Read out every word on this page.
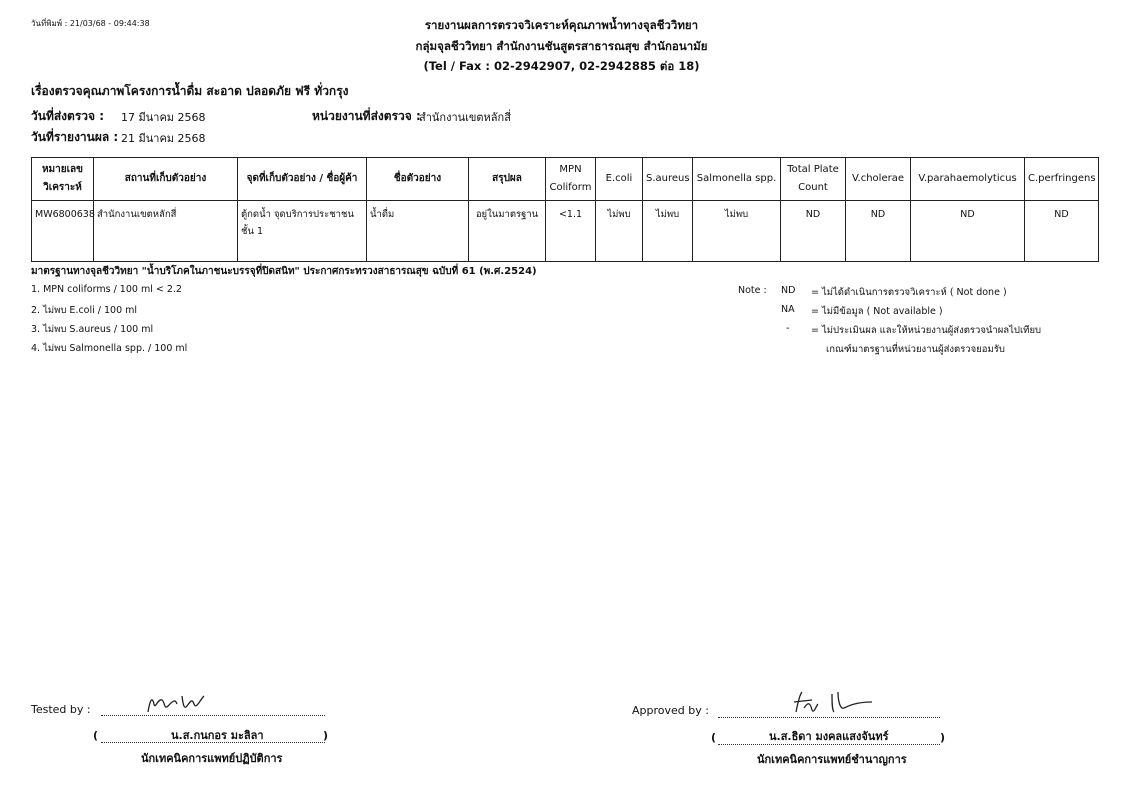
วันที่พิมพ์ : 21/03/68 - 09:44:38	รายงานผลการตรวจวิเคราะห์คุณภาพน้ำทางจุลชีววิทยา
กลุ่มจุลชีววิทยา สำนักงานชันสูตรสาธารณสุข สำนักอนามัย
(Tel / Fax : 02-2942907, 02-2942885 ต่อ 18)
เรื่องตรวจคุณภาพโครงการน้ำดื่ม สะอาด ปลอดภัย ฟรี ทั่วกรุง
วันที่ส่งตรวจ : 17 มีนาคม 2568
วันที่รายงานผล : 21 มีนาคม 2568
หน่วยงานที่ส่งตรวจ :
สำนักงานเขตหลักสี่
หมายเลข
วิเคราะห์	สถานที่เก็บตัวอย่าง	จุดที่เก็บตัวอย่าง / ชื่อผู้ค้า	ชื่อตัวอย่าง	สรุปผล	MPN
Coliform	E.coli	S.aureus	Salmonella spp.	Total Plate
Count	V.cholerae	V.parahaemolyticus	C.perfringens
MW6800638	สำนักงานเขตหลักสี่	ตู้กดน้ำ จุดบริการประชาชน ชั้น 1	น้ำดื่ม	อยู่ในมาตรฐาน	<1.1	ไม่พบ	ไม่พบ	ไม่พบ	ND	ND	ND	ND
มาตรฐานทางจุลชีววิทยา "น้ำบริโภคในภาชนะบรรจุที่ปิดสนิท" ประกาศกระทรวงสาธารณสุข ฉบับที่ 61 (พ.ศ.2524)
1. MPN coliforms / 100 ml < 2.2
2. ไม่พบ E.coli / 100 ml
3. ไม่พบ S.aureus / 100 ml
4. ไม่พบ Salmonella spp. / 100 ml
Note : ND = ไม่ได้ดำเนินการตรวจวิเคราะห์ ( Not done )
NA = ไม่มีข้อมูล ( Not available )
- = ไม่ประเมินผล และให้หน่วยงานผู้ส่งตรวจนำผลไปเทียบ
เกณฑ์มาตรฐานที่หน่วยงานผู้ส่งตรวจยอมรับ
Tested by :
(	น.ส.กนกอร มะลิลา	)
นักเทคนิคการแพทย์ปฏิบัติการ
Approved by :
(	น.ส.ธิดา มงคลแสงจันทร์	)
นักเทคนิคการแพทย์ชำนาญการ
